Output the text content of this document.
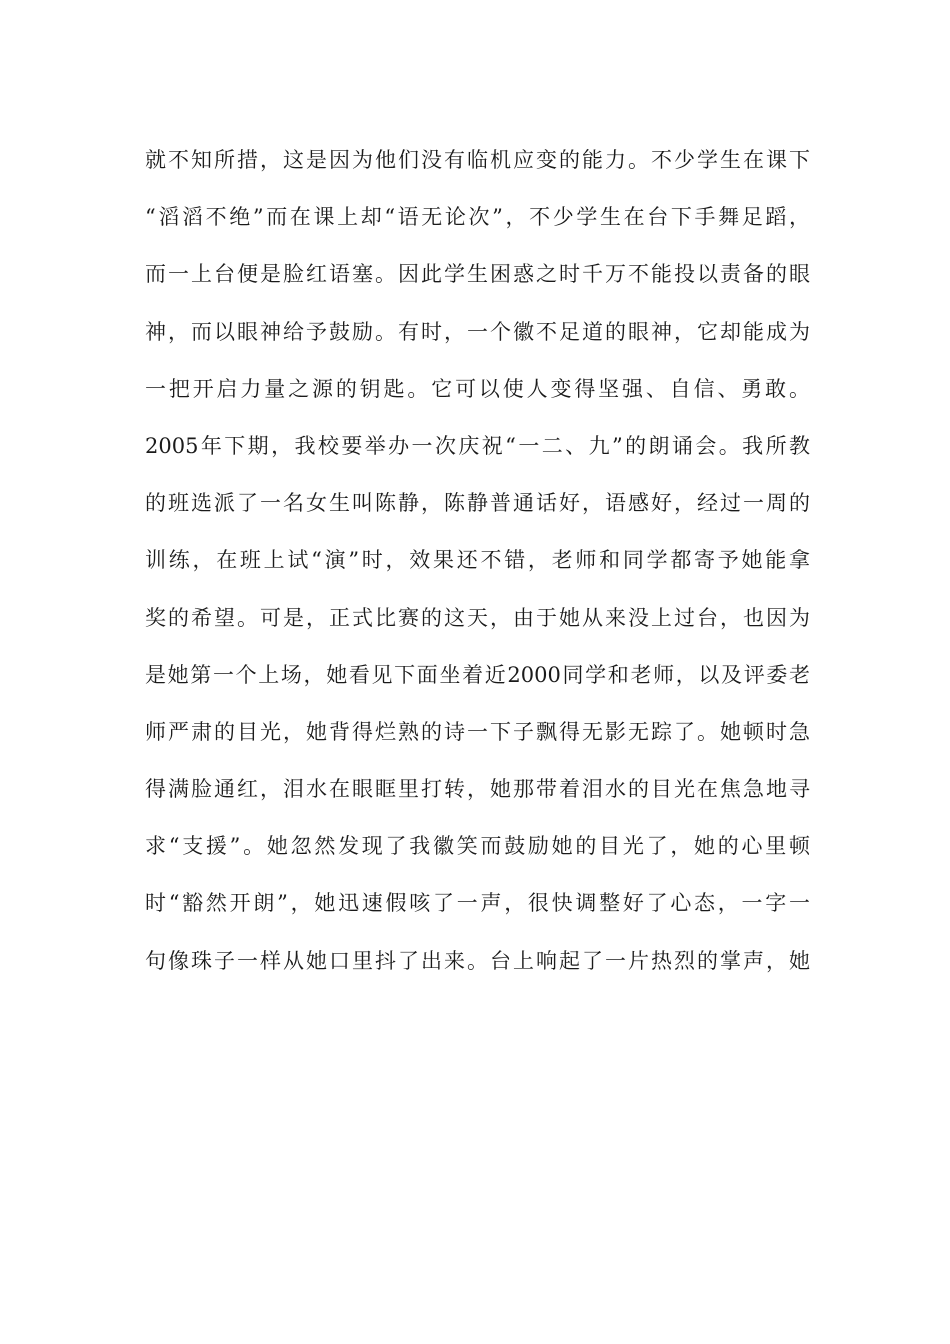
就不知所措，这是因为他们没有临机应变的能力。不少学生在课下
“滔滔不绝”而在课上却“语无论次”，不少学生在台下手舞足蹈，
而一上台便是脸红语塞。因此学生困惑之时千万不能投以责备的眼
神，而以眼神给予鼓励。有时，一个徽不足道的眼神，它却能成为
一把开启力量之源的钥匙。它可以使人变得坚强、自信、勇敢。
2005年下期，我校要举办一次庆祝“一二、九”的朗诵会。我所教
的班选派了一名女生叫陈静，陈静普通话好，语感好，经过一周的
训练，在班上试“演”时，效果还不错，老师和同学都寄予她能拿
奖的希望。可是，正式比赛的这天，由于她从来没上过台，也因为
是她第一个上场，她看见下面坐着近2000同学和老师，以及评委老
师严肃的目光，她背得烂熟的诗一下子飘得无影无踪了。她顿时急
得满脸通红，泪水在眼眶里打转，她那带着泪水的目光在焦急地寻
求“支援”。她忽然发现了我徽笑而鼓励她的目光了，她的心里顿
时“豁然开朗”，她迅速假咳了一声，很快调整好了心态，一字一
句像珠子一样从她口里抖了出来。台上响起了一片热烈的掌声，她
